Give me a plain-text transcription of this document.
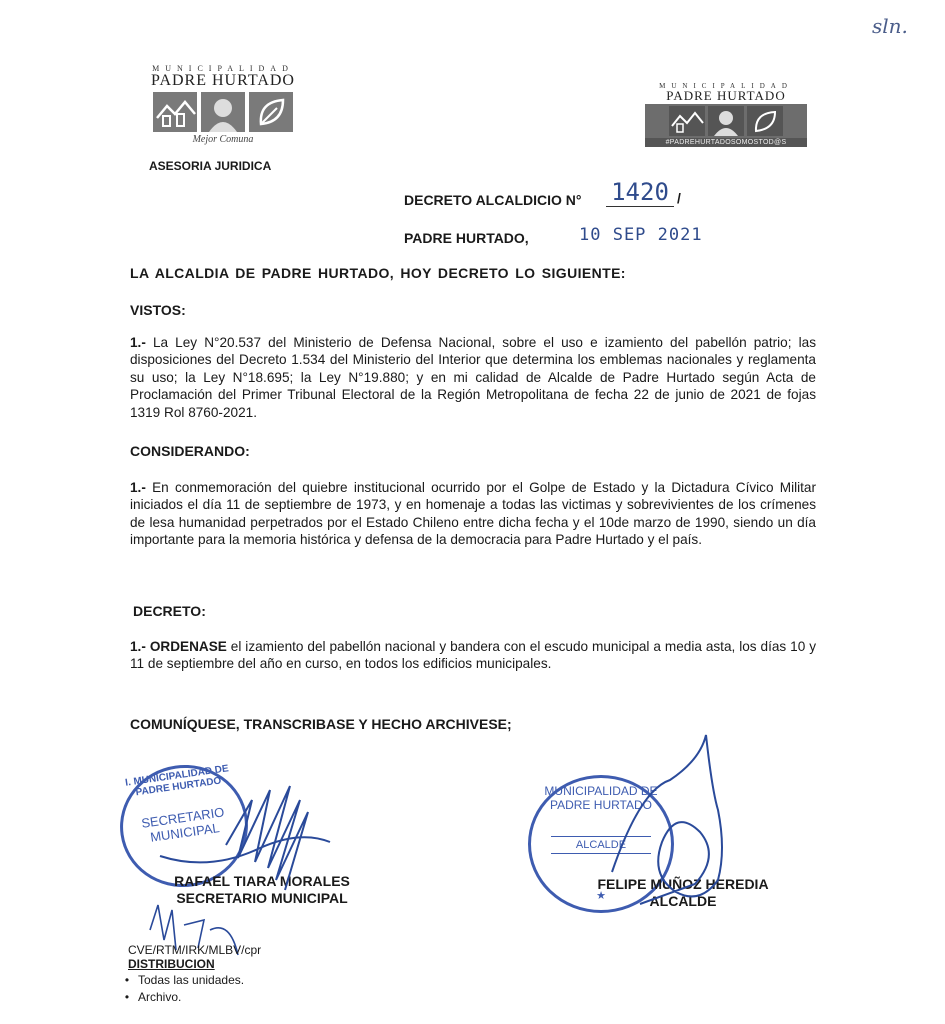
sln.
MUNICIPALIDAD
PADRE HURTADO
Mejor Comuna
ASESORIA JURIDICA
MUNICIPALIDAD
PADRE HURTADO
#PADREHURTADOSOMOSTOD@S
DECRETO ALCALDICIO N° 1420 /
PADRE HURTADO,	10 SEP 2021
LA ALCALDIA DE PADRE HURTADO, HOY DECRETO LO SIGUIENTE:
VISTOS:
1.- La Ley N°20.537 del Ministerio de Defensa Nacional, sobre el uso e izamiento del pabellón patrio; las disposiciones del Decreto 1.534 del Ministerio del Interior que determina los emblemas nacionales y reglamenta su uso; la Ley N°18.695; la Ley N°19.880; y en mi calidad de Alcalde de Padre Hurtado según Acta de Proclamación del Primer Tribunal Electoral de la Región Metropolitana de fecha 22 de junio de 2021 de fojas 1319 Rol 8760-2021.
CONSIDERANDO:
1.- En conmemoración del quiebre institucional ocurrido por el Golpe de Estado y la Dictadura Cívico Militar iniciados el día 11 de septiembre de 1973, y en homenaje a todas las victimas y sobrevivientes de los crímenes de lesa humanidad perpetrados por el Estado Chileno entre dicha fecha y el 10de marzo de 1990, siendo un día importante para la memoria histórica y defensa de la democracia para Padre Hurtado y el país.
DECRETO:
1.- ORDENASE el izamiento del pabellón nacional y bandera con el escudo municipal a media asta, los días 10 y 11 de septiembre del año en curso, en todos los edificios municipales.
COMUNÍQUESE, TRANSCRIBASE Y HECHO ARCHIVESE;
I. MUNICIPALIDAD DE PADRE HURTADO
SECRETARIO MUNICIPAL
MUNICIPALIDAD DE PADRE HURTADO
ALCALDE
★
RAFAEL TIARA MORALES
SECRETARIO MUNICIPAL
FELIPE MUÑOZ HEREDIA
ALCALDE
CVE/RTM/IRK/MLBV/cpr
DISTRIBUCION
• Todas las unidades.
• Archivo.
